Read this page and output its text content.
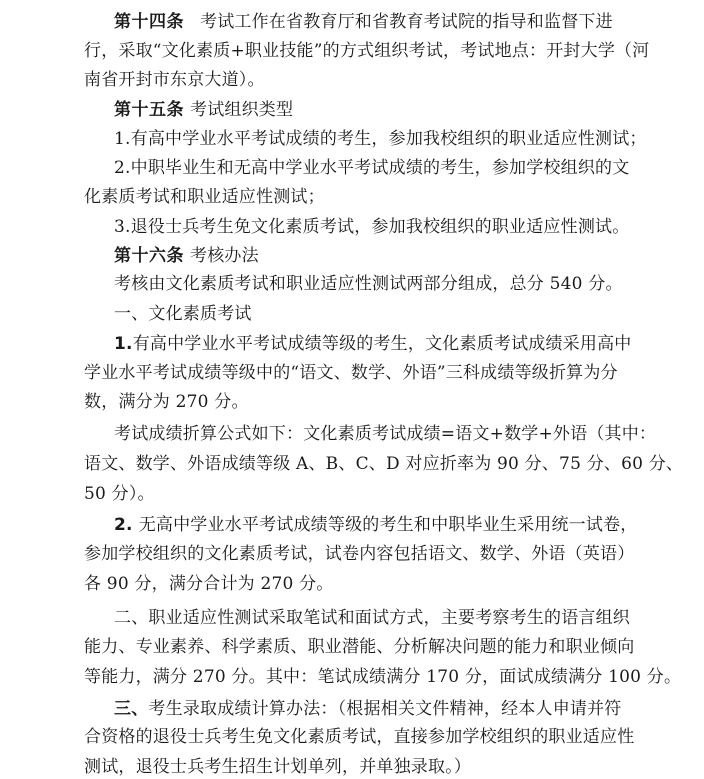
第十四条 考试工作在省教育厅和省教育考试院的指导和监督下进
行，采取“文化素质+职业技能”的方式组织考试，考试地点：开封大学（河
南省开封市东京大道）。
第十五条 考试组织类型
1.有高中学业水平考试成绩的考生，参加我校组织的职业适应性测试；
2.中职毕业生和无高中学业水平考试成绩的考生，参加学校组织的文
化素质考试和职业适应性测试；
3.退役士兵考生免文化素质考试，参加我校组织的职业适应性测试。
第十六条 考核办法
考核由文化素质考试和职业适应性测试两部分组成，总分 540 分。
一、文化素质考试
1.有高中学业水平考试成绩等级的考生，文化素质考试成绩采用高中
学业水平考试成绩等级中的“语文、数学、外语”三科成绩等级折算为分
数，满分为 270 分。
考试成绩折算公式如下：文化素质考试成绩=语文+数学+外语（其中：
语文、数学、外语成绩等级 A、B、C、D 对应折率为 90 分、75 分、60 分、
50 分）。
2. 无高中学业水平考试成绩等级的考生和中职毕业生采用统一试卷，
参加学校组织的文化素质考试，试卷内容包括语文、数学、外语（英语）
各 90 分，满分合计为 270 分。
二、职业适应性测试采取笔试和面试方式，主要考察考生的语言组织
能力、专业素养、科学素质、职业潜能、分析解决问题的能力和职业倾向
等能力，满分 270 分。其中：笔试成绩满分 170 分，面试成绩满分 100 分。
三、考生录取成绩计算办法：（根据相关文件精神，经本人申请并符
合资格的退役士兵考生免文化素质考试，直接参加学校组织的职业适应性
测试，退役士兵考生招生计划单列，并单独录取。）
